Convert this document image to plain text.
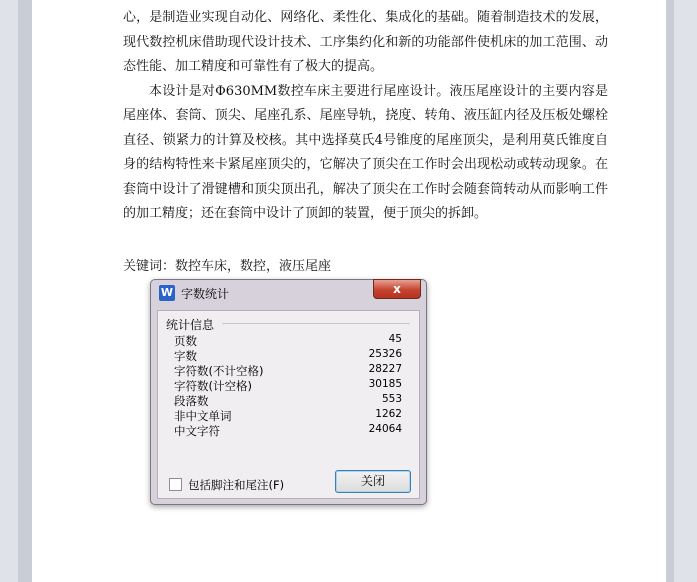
心，是制造业实现自动化、网络化、柔性化、集成化的基础。随着制造技术的发展，现代数控机床借助现代设计技术、工序集约化和新的功能部件使机床的加工范围、动态性能、加工精度和可靠性有了极大的提高。

本设计是对Φ630MM数控车床主要进行尾座设计。液压尾座设计的主要内容是尾座体、套筒、顶尖、尾座孔系、尾座导轨，挠度、转角、液压缸内径及压板处螺栓直径、锁紧力的计算及校核。其中选择莫氏4号锥度的尾座顶尖，是利用莫氏锥度自身的结构特性来卡紧尾座顶尖的，它解决了顶尖在工作时会出现松动或转动现象。在套筒中设计了滑键槽和顶尖顶出孔，解决了顶尖在工作时会随套筒转动从而影响工件的加工精度；还在套筒中设计了顶卸的装置，便于顶尖的拆卸。

关键词：数控车床，数控，液压尾座
W 字数统计	x
统计信息
页数	45
字数	25326
字符数(不计空格)	28227
字符数(计空格)	30185
段落数	553
非中文单词	1262
中文字符	24064
包括脚注和尾注(F)	关闭
